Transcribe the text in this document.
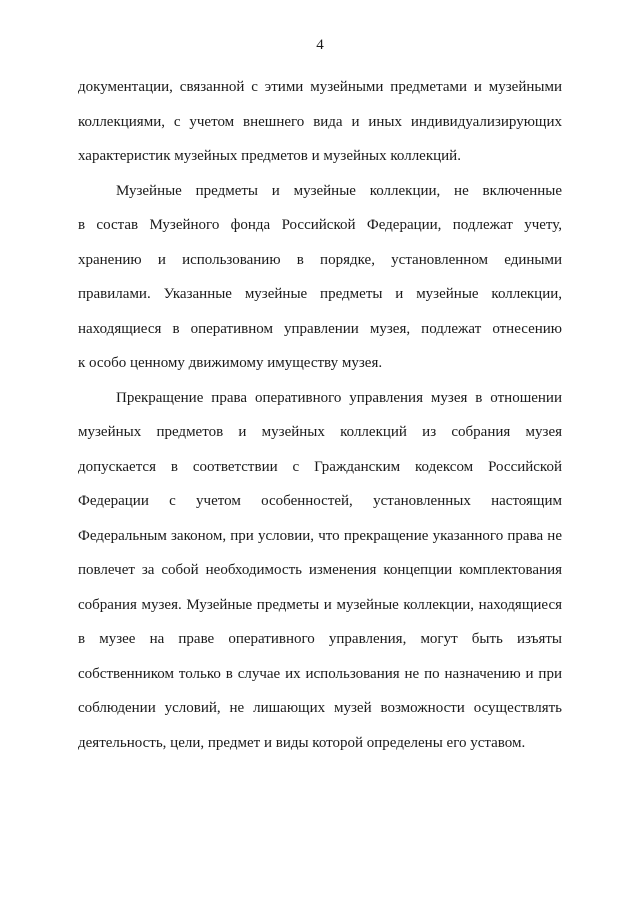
4

документации, связанной с этими музейными предметами и музейными
коллекциями, с учетом внешнего вида и иных индивидуализирующих
характеристик музейных предметов и музейных коллекций.

Музейные предметы и музейные коллекции, не включенные
в состав Музейного фонда Российской Федерации, подлежат учету,
хранению и использованию в порядке, установленном едиными
правилами. Указанные музейные предметы и музейные коллекции,
находящиеся в оперативном управлении музея, подлежат отнесению
к особо ценному движимому имуществу музея.

Прекращение права оперативного управления музея в отношении
музейных предметов и музейных коллекций из собрания музея
допускается в соответствии с Гражданским кодексом Российской
Федерации с учетом особенностей, установленных настоящим
Федеральным законом, при условии, что прекращение указанного права не
повлечет за собой необходимость изменения концепции комплектования
собрания музея. Музейные предметы и музейные коллекции, находящиеся
в музее на праве оперативного управления, могут быть изъяты
собственником только в случае их использования не по назначению и при
соблюдении условий, не лишающих музей возможности осуществлять
деятельность, цели, предмет и виды которой определены его уставом.
